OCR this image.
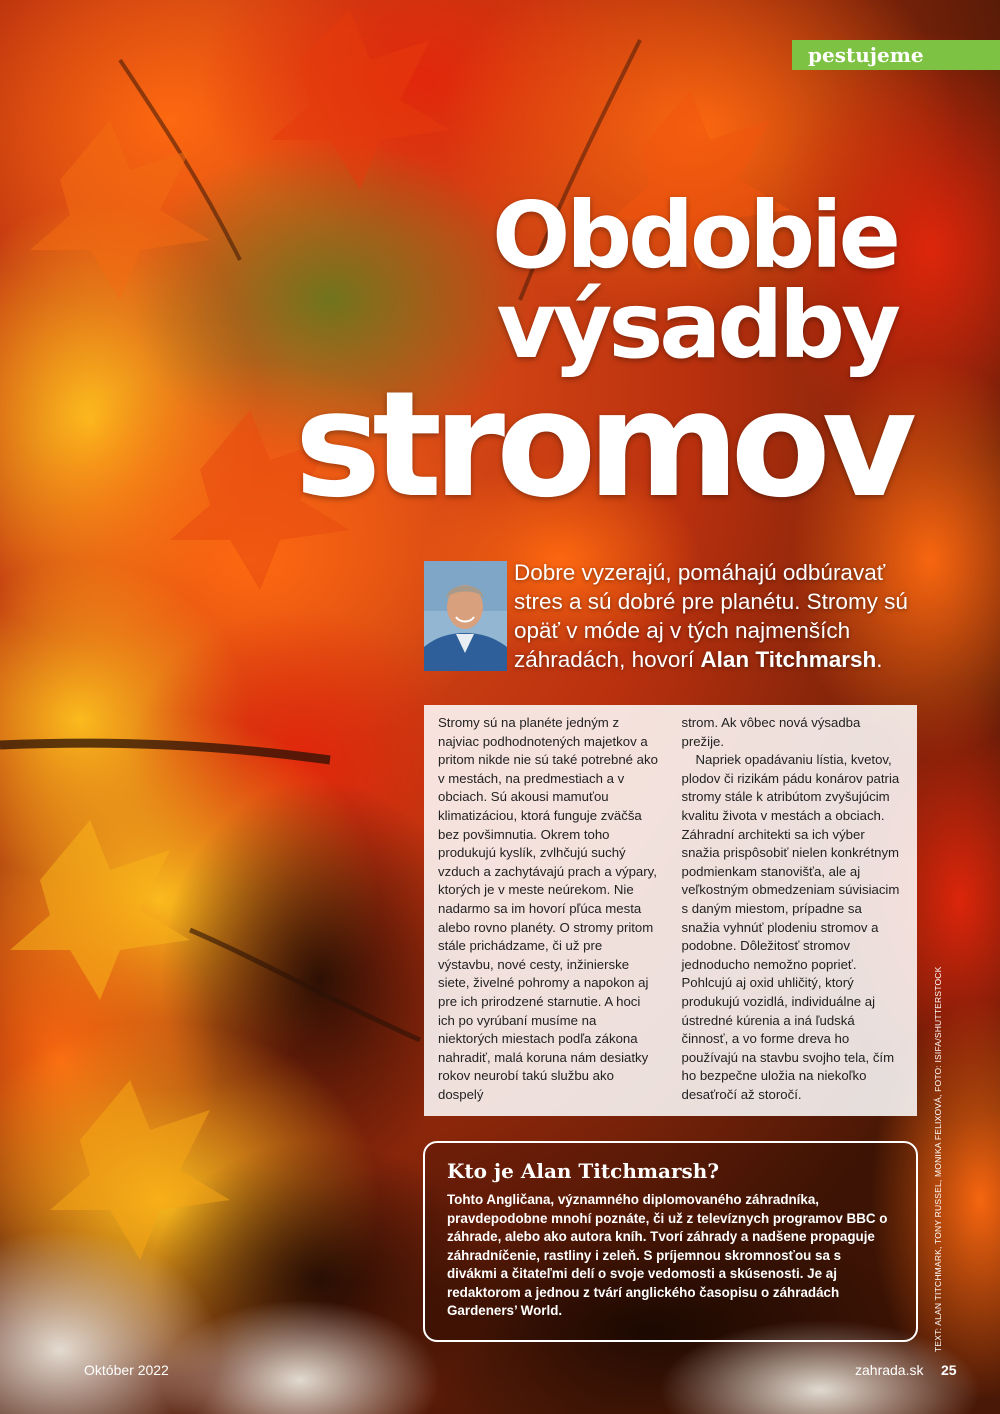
pestujeme
Obdobie
výsadby
stromov
Dobre vyzerajú, pomáhajú odbúravať stres a sú dobré pre planétu. Stromy sú opäť v móde aj v tých najmenších záhradách, hovorí Alan Titchmarsh.

Stromy sú na planéte jedným z najviac podhodnotených majetkov a pritom nikde nie sú také potrebné ako v mestách, na predmestiach a v obciach. Sú akousi mamuťou klimatizáciou, ktorá funguje zväčša bez povšimnutia. Okrem toho produkujú kyslík, zvlhčujú suchý vzduch a zachytávajú prach a výpary, ktorých je v meste neúrekom. Nie nadarmo sa im hovorí pľúca mesta alebo rovno planéty. O stromy pritom stále prichádzame, či už pre výstavbu, nové cesty, inžinierske siete, živelné pohromy a napokon aj pre ich prirodzené starnutie. A hoci ich po vyrúbaní musíme na niektorých miestach podľa zákona nahradiť, malá koruna nám desiatky rokov neurobí takú službu ako dospelý

strom. Ak vôbec nová výsadba prežije.

Napriek opadávaniu lístia, kvetov, plodov či rizikám pádu konárov patria stromy stále k atribútom zvyšujúcim kvalitu života v mestách a obciach. Záhradní architekti sa ich výber snažia prispôsobiť nielen konkrétnym podmienkam stanovišťa, ale aj veľkostným obmedzeniam súvisiacim s daným miestom, prípadne sa snažia vyhnúť plodeniu stromov a podobne. Dôležitosť stromov jednoducho nemožno poprieť. Pohlcujú aj oxid uhličitý, ktorý produkujú vozidlá, individuálne aj ústredné kúrenia a iná ľudská činnosť, a vo forme dreva ho používajú na stavbu svojho tela, čím ho bezpečne uložia na niekoľko desaťročí až storočí.

Kto je Alan Titchmarsh?
Tohto Angličana, významného diplomovaného záhradníka, pravdepodobne mnohí poznáte, či už z televíznych programov BBC o záhrade, alebo ako autora kníh. Tvorí záhrady a nadšene propaguje záhradníčenie, rastliny i zeleň. S príjemnou skromnosťou sa s divákmi a čitateľmi delí o svoje vedomosti a skúsenosti. Je aj redaktorom a jednou z tvárí anglického časopisu o záhradách Gardeners’ World.	TEXT: ALAN TITCHMARK, TONY RUSSEL, MONIKA FELIXOVÁ, FOTO: ISIFA/SHUTTERSTOCK
Október 2022	zahrada.sk 25
